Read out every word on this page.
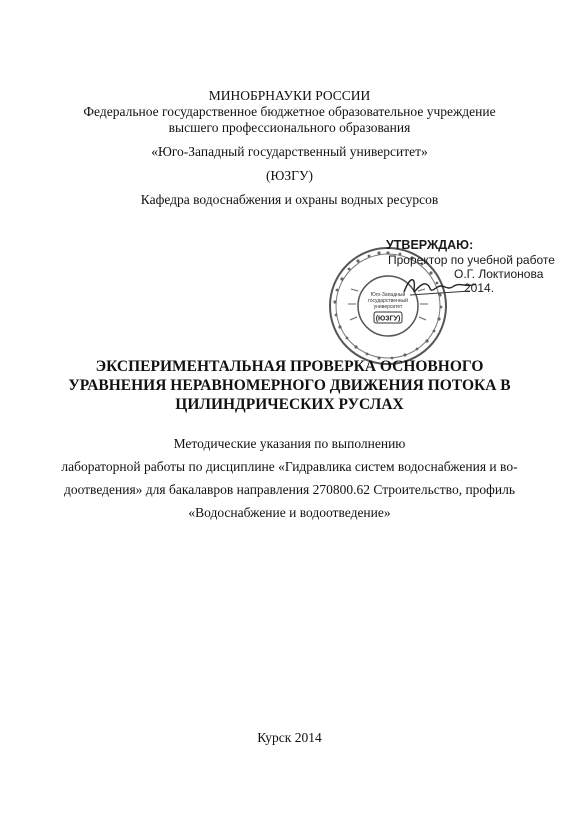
МИНОБРНАУКИ РОССИИ
Федеральное государственное бюджетное образовательное учреждение
высшего профессионального образования
«Юго-Западный государственный университет»
(ЮЗГУ)
Кафедра водоснабжения и охраны водных ресурсов
Юго-Западный
государственный
университет
(ЮЗГУ)
УТВЕРЖДАЮ:
Проректор по учебной работе
О.Г. Локтионова
2014.
ЭКСПЕРИМЕНТАЛЬНАЯ ПРОВЕРКА ОСНОВНОГО
УРАВНЕНИЯ НЕРАВНОМЕРНОГО ДВИЖЕНИЯ ПОТОКА В
ЦИЛИНДРИЧЕСКИХ РУСЛАХ
Методические указания по выполнению
лабораторной работы по дисциплине «Гидравлика систем водоснабжения и во-
доотведения» для бакалавров направления 270800.62 Строительство, профиль
«Водоснабжение и водоотведение»
Курск 2014
